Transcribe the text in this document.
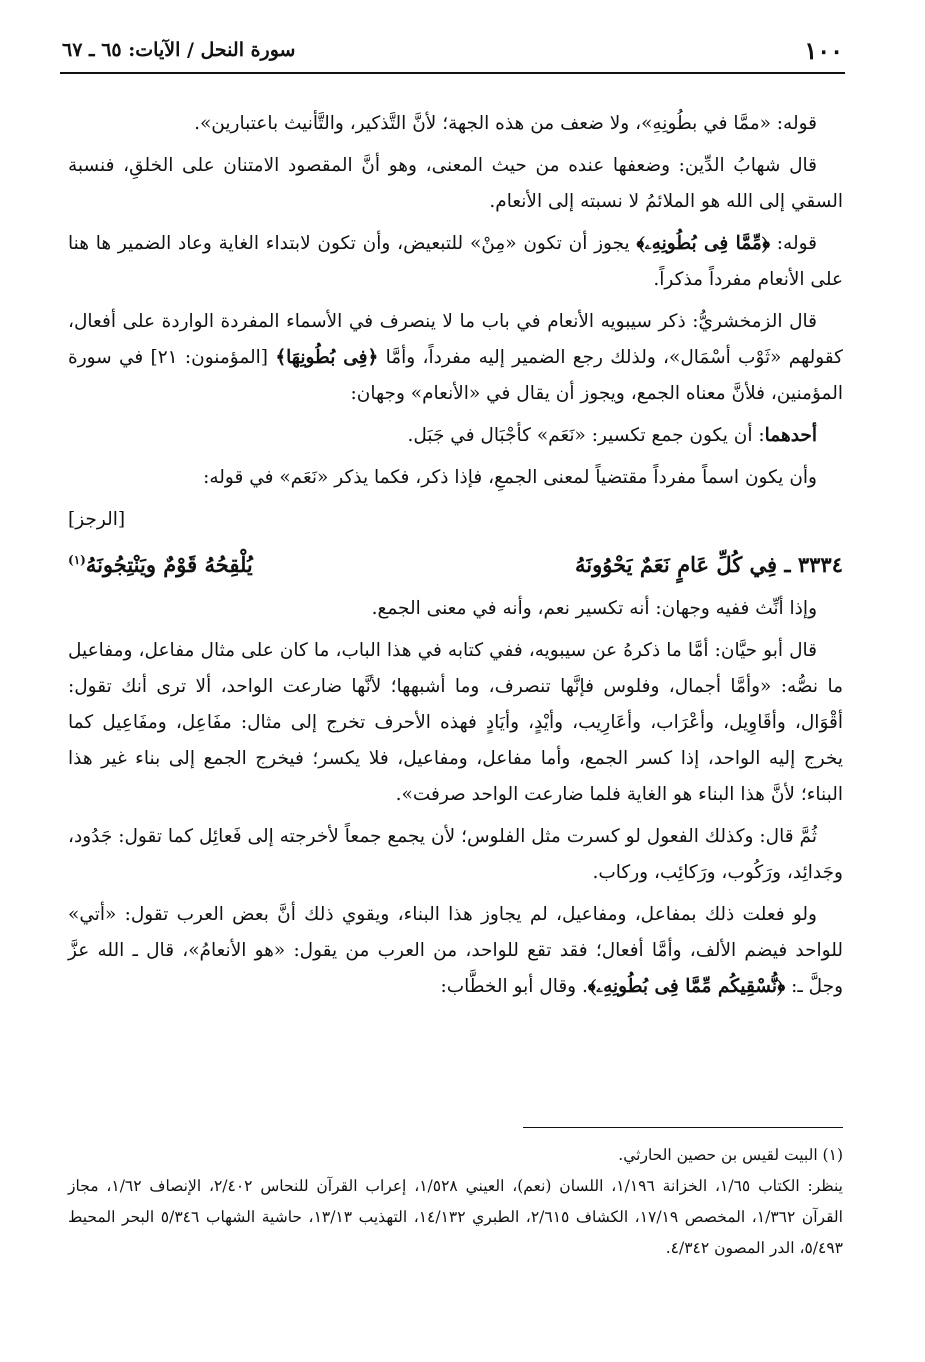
١٠٠
سورة النحل / الآيات: ٦٥ ـ ٦٧

قوله: «ممَّا في بطُونِهِ»، ولا ضعف من هذه الجهة؛ لأنَّ التَّذكير، والتَّأنيث باعتبارين».

قال شهابُ الدِّين: وضعفها عنده من حيث المعنى، وهو أنَّ المقصود الامتنان على الخلقِ، فنسبة السقي إلى الله هو الملائمُ لا نسبته إلى الأنعام.

قوله: ﴿مِّمَّا فِى بُطُونِهِۦ﴾ يجوز أن تكون «مِنْ» للتبعيض، وأن تكون لابتداء الغاية وعاد الضمير ها هنا على الأنعام مفرداً مذكراً.

قال الزمخشريُّ: ذكر سيبويه الأنعام في باب ما لا ينصرف في الأسماء المفردة الواردة على أفعال، كقولهم «ثَوْب أسْمَال»، ولذلك رجع الضمير إليه مفرداً، وأمَّا ﴿فِى بُطُونِهَا﴾ [المؤمنون: ٢١] في سورة المؤمنين، فلأنَّ معناه الجمع، ويجوز أن يقال في «الأنعام» وجهان:

أحدهما: أن يكون جمع تكسير: «نَعَم» كأجْبَال في جَبَل.

وأن يكون اسماً مفرداً مقتضياً لمعنى الجمعِ، فإذا ذكر، فكما يذكر «نَعَم» في قوله:

[الرجز]

٣٣٣٤ ـ فِي كُلِّ عَامٍ نَعَمٌ يَحْوُونَهُ
يُلْقِحُهُ قَوْمٌ ويَنْتِجُونَهُ$^{(١)}$

وإذا أنِّث ففيه وجهان: أنه تكسير نعم، وأنه في معنى الجمع.

قال أبو حيَّان: أمَّا ما ذكرهُ عن سيبويه، ففي كتابه في هذا الباب، ما كان على مثال مفاعل، ومفاعيل ما نصُّه: «وأمَّا أجمال، وفلوس فإنَّها تنصرف، وما أشبهها؛ لأنَّها ضارعت الواحد، ألا ترى أنك تقول: أقْوَال، وأقَاوِيل، وأعْرَاب، وأعَارِيب، وأيْدٍ، وأيَادٍ فهذه الأحرف تخرج إلى مثال: مفَاعِل، ومفَاعِيل كما يخرج إليه الواحد، إذا كسر الجمع، وأما مفاعل، ومفاعيل، فلا يكسر؛ فيخرج الجمع إلى بناء غير هذا البناء؛ لأنَّ هذا البناء هو الغاية فلما ضارعت الواحد صرفت».

ثُمَّ قال: وكذلك الفعول لو كسرت مثل الفلوس؛ لأن يجمع جمعاً لأخرجته إلى فَعائِل كما تقول: جَدُود، وجَدائِد، ورَكُوب، ورَكائِب، وركاب.

ولو فعلت ذلك بمفاعل، ومفاعيل، لم يجاوز هذا البناء، ويقوي ذلك أنَّ بعض العرب تقول: «أتي» للواحد فيضم الألف، وأمَّا أفعال؛ فقد تقع للواحد، من العرب من يقول: «هو الأنعامُ»، قال ـ الله عزَّ وجلَّ ـ: ﴿نُّسْقِيكُم مِّمَّا فِى بُطُونِهِۦ﴾. وقال أبو الخطَّاب:

(١) البيت لقيس بن حصين الحارثي.

ينظر: الكتاب ١/٦٥، الخزانة ١/١٩٦، اللسان (نعم)، العيني ١/٥٢٨، إعراب القرآن للنحاس ٢/٤٠٢، الإنصاف ١/٦٢، مجاز القرآن ١/٣٦٢، المخصص ١٧/١٩، الكشاف ٢/٦١٥، الطبري ١٤/١٣٢، التهذيب ١٣/١٣، حاشية الشهاب ٥/٣٤٦ البحر المحيط ٥/٤٩٣، الدر المصون ٤/٣٤٢.
